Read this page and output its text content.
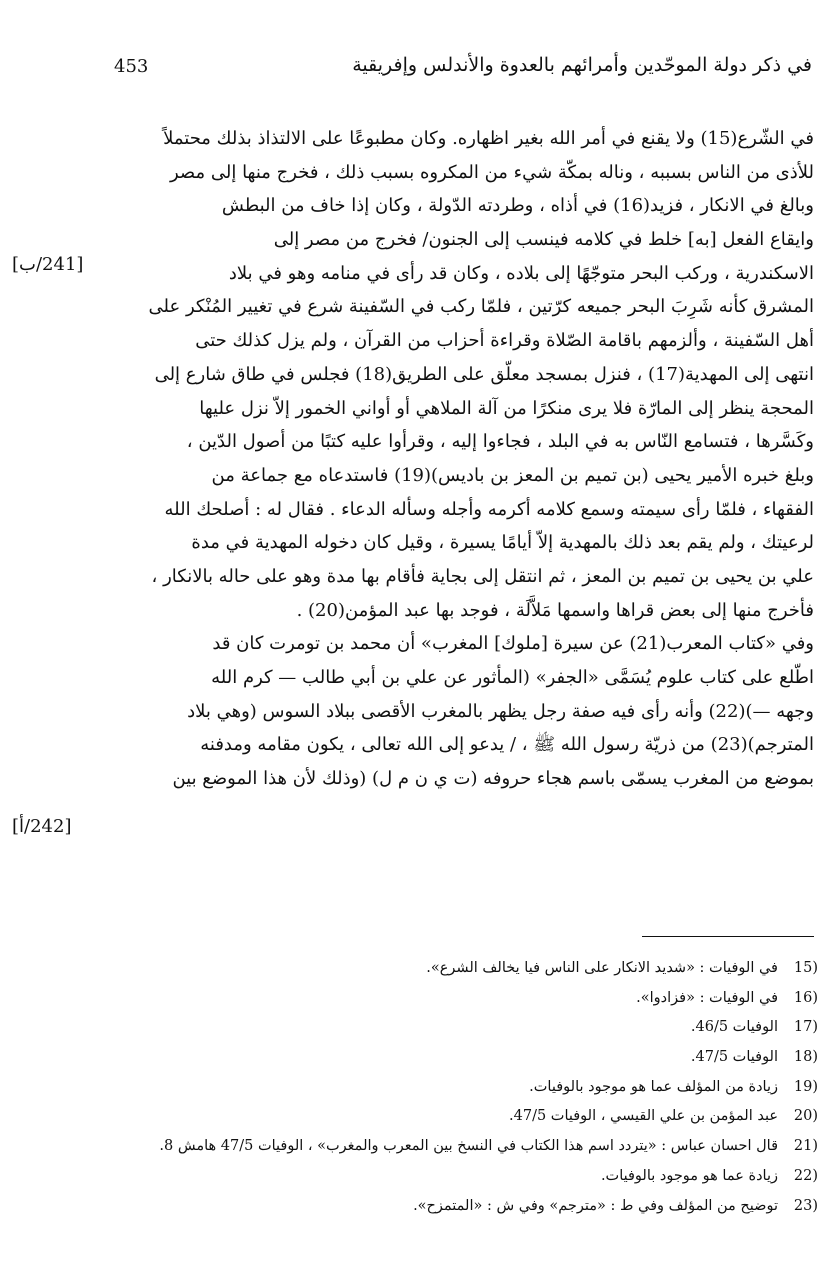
453	في ذكر دولة الموحّدين وأمرائهم بالعدوة والأندلس وإفريقية
[241/ب]
[242/أ]
في الشّرع(15) ولا يقنع في أمر الله بغير اظهاره. وكان مطبوعًا على الالتذاذ بذلك محتملاً
للأذى من الناس بسببه ، وناله بمكّة شيء من المكروه بسبب ذلك ، فخرج منها إلى مصر
وبالغ في الانكار ، فزيد(16) في أذاه ، وطردته الدّولة ، وكان إذا خاف من البطش
وايقاع الفعل [به] خلط في كلامه فينسب إلى الجنون/ فخرج من مصر إلى
الاسكندرية ، وركب البحر متوجّهًا إلى بلاده ، وكان قد رأى في منامه وهو في بلاد
المشرق كأنه شَرِبَ البحر جميعه كرّتين ، فلمّا ركب في السّفينة شرع في تغيير المُنْكر على
أهل السّفينة ، وألزمهم باقامة الصّلاة وقراءة أحزاب من القرآن ، ولم يزل كذلك حتى
انتهى إلى المهدية(17) ، فنزل بمسجد معلّق على الطريق(18) فجلس في طاق شارع إلى
المحجة ينظر إلى المارّة فلا يرى منكرًا من آلة الملاهي أو أواني الخمور إلاّ نزل عليها
وكَسَّرها ، فتسامع النّاس به في البلد ، فجاءوا إليه ، وقرأوا عليه كتبًا من أصول الدّين ،
وبلغ خبره الأمير يحيى (بن تميم بن المعز بن باديس)(19) فاستدعاه مع جماعة من
الفقهاء ، فلمّا رأى سيمته وسمع كلامه أكرمه وأجله وسأله الدعاء . فقال له : أصلحك الله
لرعيتك ، ولم يقم بعد ذلك بالمهدية إلاّ أيامًا يسيرة ، وقيل كان دخوله المهدية في مدة
علي بن يحيى بن تميم بن المعز ، ثم انتقل إلى بجاية فأقام بها مدة وهو على حاله بالانكار ،
فأخرج منها إلى بعض قراها واسمها مَلاَّلَة ، فوجد بها عبد المؤمن(20) .
وفي «كتاب المعرب(21) عن سيرة [ملوك] المغرب» أن محمد بن تومرت كان قد
اطّلع على كتاب علوم يُسَمَّى «الجفر» (المأثور عن علي بن أبي طالب — كرم الله
وجهه —)(22) وأنه رأى فيه صفة رجل يظهر بالمغرب الأقصى ببلاد السوس (وهي بلاد
المترجم)(23) من ذريّة رسول الله ﷺ ، / يدعو إلى الله تعالى ، يكون مقامه ومدفنه
بموضع من المغرب يسمّى باسم هجاء حروفه (ت ي ن م ل) (وذلك لأن هذا الموضع بين
15)في الوفيات : «شديد الانكار على الناس فيا يخالف الشرع».
16)في الوفيات : «فزادوا».
17)الوفيات 46/5.
18)الوفيات 47/5.
19)زيادة من المؤلف عما هو موجود بالوفيات.
20)عبد المؤمن بن علي القيسي ، الوفيات 47/5.
21)قال احسان عباس : «يتردد اسم هذا الكتاب في النسخ بين المعرب والمغرب» ، الوفيات 47/5 هامش 8.
22)زيادة عما هو موجود بالوفيات.
23)توضيح من المؤلف وفي ط : «مترجم» وفي ش : «المتمزح».
